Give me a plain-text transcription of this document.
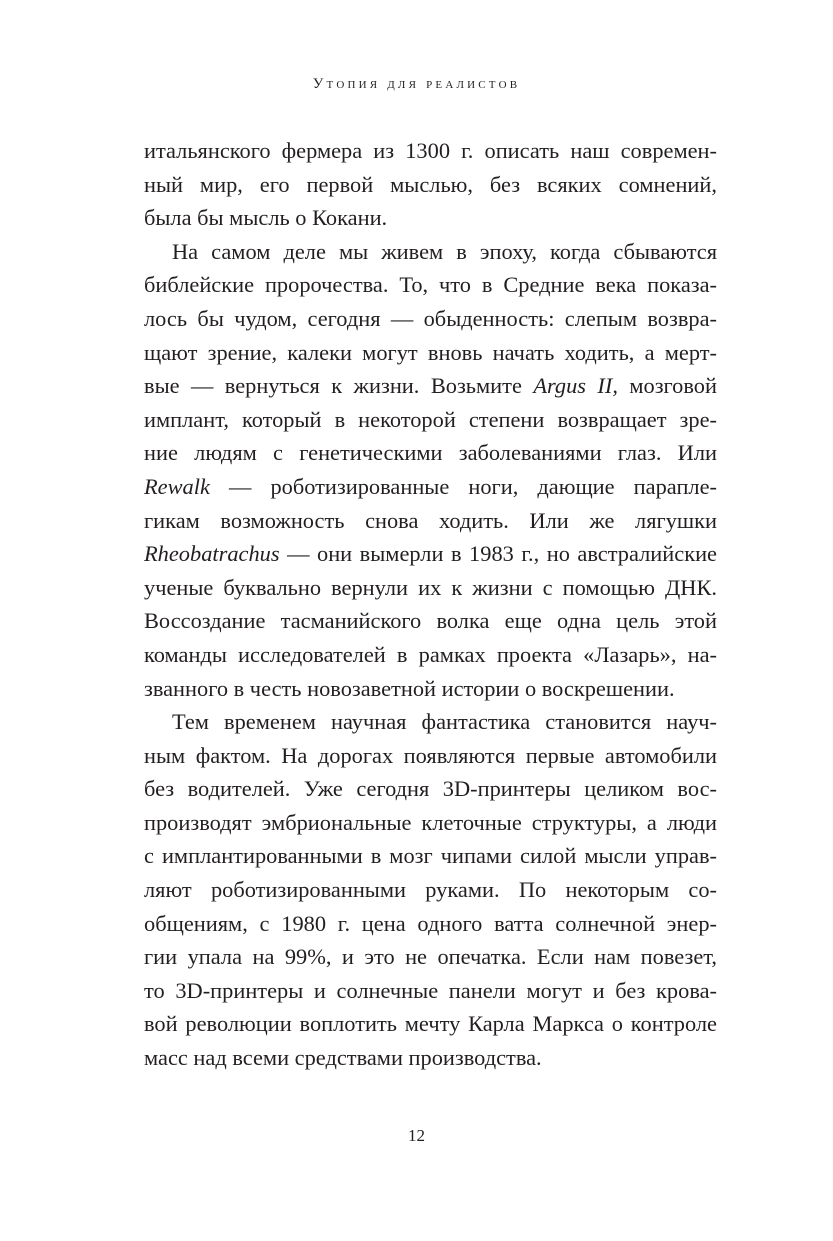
Утопия для реалистов
итальянского фермера из 1300 г. описать наш современ-
ный мир, его первой мыслью, без всяких сомнений,
была бы мысль о Кокани.
На самом деле мы живем в эпоху, когда сбываются
библейские пророчества. То, что в Средние века показа-
лось бы чудом, сегодня — обыденность: слепым возвра-
щают зрение, калеки могут вновь начать ходить, а мерт-
вые — вернуться к жизни. Возьмите Argus II, мозговой
имплант, который в некоторой степени возвращает зре-
ние людям с генетическими заболеваниями глаз. Или
Rewalk — роботизированные ноги, дающие параплe-
гикам возможность снова ходить. Или же лягушки
Rheobatrachus — они вымерли в 1983 г., но австралийские
ученые буквально вернули их к жизни с помощью ДНК.
Воссоздание тасманийского волка еще одна цель этой
команды исследователей в рамках проекта «Лазарь», на-
званного в честь новозаветной истории о воскрешении.
Тем временем научная фантастика становится науч-
ным фактом. На дорогах появляются первые автомобили
без водителей. Уже сегодня 3D-принтеры целиком вос-
производят эмбриональные клеточные структуры, а люди
с имплантированными в мозг чипами силой мысли управ-
ляют роботизированными руками. По некоторым со-
общениям, с 1980 г. цена одного ватта солнечной энер-
гии упала на 99%, и это не опечатка. Если нам повезет,
то 3D-принтеры и солнечные панели могут и без крова-
вой революции воплотить мечту Карла Маркса о контроле
масс над всеми средствами производства.
12
